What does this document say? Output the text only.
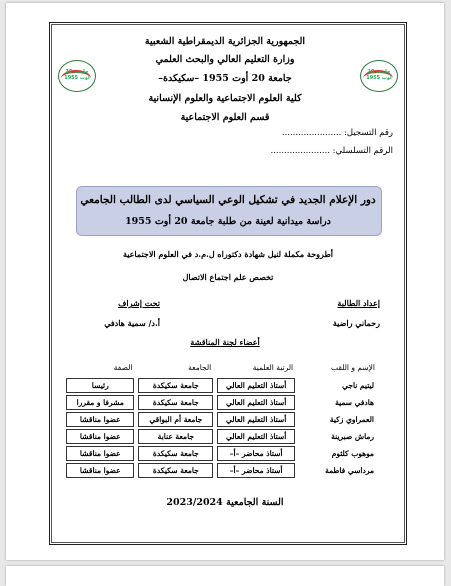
الجمهورية الجزائرية الديمقراطية الشعبية
وزارة التعليم العالي والبحث العلمي
جامعة 20 أوت 1955 –سكيكدة–
كلية العلوم الاجتماعية والعلوم الإنسانية
قسم العلوم الاجتماعية
جامعة 20 أوت 1955
جامعة 20 أوت 1955
رقم التسجيل: ......................
الرقم التسلسلي: ......................
دور الإعلام الجديد في تشكيل الوعي السياسي لدى الطالب الجامعي
دراسة ميدانية لعينة من طلبة جامعة 20 أوت 1955
أطروحة مكملة لنيل شهادة دكتوراه ل.م.د في العلوم الاجتماعية
تخصص علم اجتماع الاتصال
إعداد الطالبة
رحماني راضية
تحت إشراف
أ.د/ سمية هادفي
أعضاء لجنة المناقشة
الإسم و اللقب	الرتبة العلمية	الجامعة	الصفة

ليتيم ناجي	أستاذ التعليم العالي	جامعة سكيكدة	رئيسا

هادفي سمية	أستاذ التعليم العالي	جامعة سكيكدة	مشرفا و مقررا

العمراوي زكية	أستاذ التعليم العالي	جامعة أم البواقي	عضوا مناقشا

رماش صبرينة	أستاذ التعليم العالي	جامعة عنابة	عضوا مناقشا

موهوب كلثوم	أستاذ محاضر –أ–	جامعة سكيكدة	عضوا مناقشا

مرداسي فاطمة	أستاذ محاضر –أ–	جامعة سكيكدة	عضوا مناقشا
السنة الجامعية 2023/2024
